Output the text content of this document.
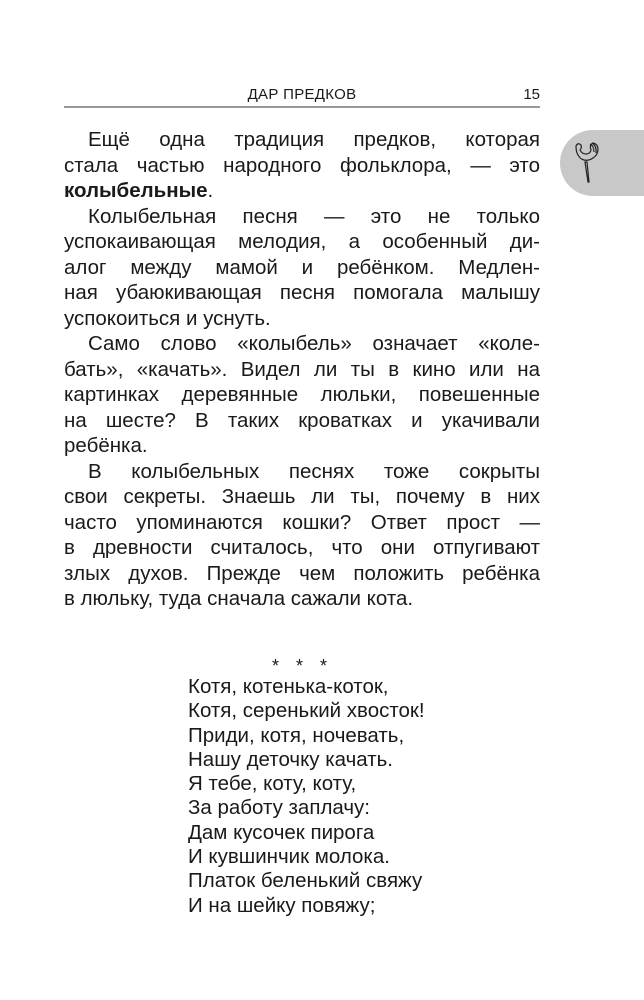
ДАР ПРЕДКОВ	15
Ещё одна традиция предков, которая
стала частью народного фольклора, — это
колыбельные.
Колыбельная песня — это не только
успокаивающая мелодия, а особенный ди-
алог между мамой и ребёнком. Медлен-
ная убаюкивающая песня помогала малышу
успокоиться и уснуть.
Само слово «колыбель» означает «коле-
бать», «качать». Видел ли ты в кино или на
картинках деревянные люльки, повешенные
на шесте? В таких кроватках и укачивали
ребёнка.
В колыбельных песнях тоже сокрыты
свои секреты. Знаешь ли ты, почему в них
часто упоминаются кошки? Ответ прост —
в древности считалось, что они отпугивают
злых духов. Прежде чем положить ребёнка
в люльку, туда сначала сажали кота.
* * *
Котя, котенька-коток,
Котя, серенький хвосток!
Приди, котя, ночевать,
Нашу деточку качать.
Я тебе, коту, коту,
За работу заплачу:
Дам кусочек пирога
И кувшинчик молока.
Платок беленький свяжу
И на шейку повяжу;
